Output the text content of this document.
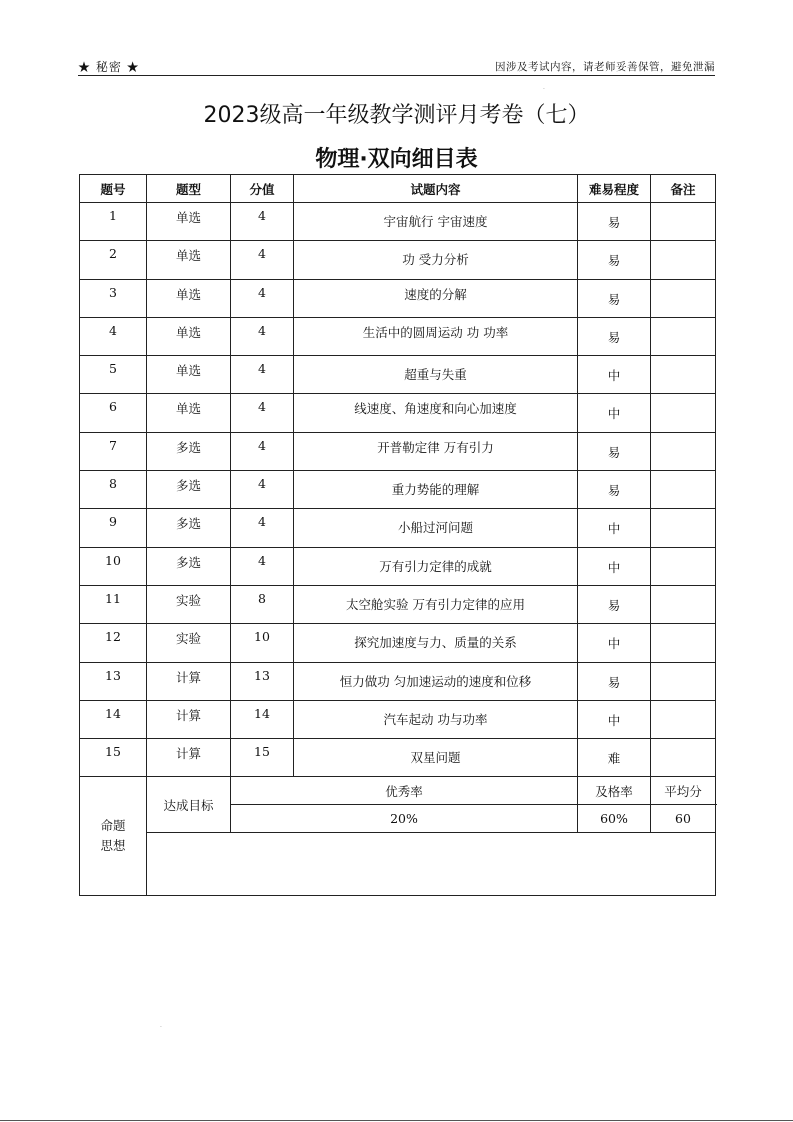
★ 秘密 ★	因涉及考试内容，请老师妥善保管，避免泄漏
·
·
2023级高一年级教学测评月考卷（七）
物理·双向细目表
题号	题型	分值	试题内容	难易程度	备注
1	单选	4	宇宙航行 宇宙速度	易	
2	单选	4	功 受力分析	易	
3	单选	4	速度的分解	易	
4	单选	4	生活中的圆周运动 功 功率	易	
5	单选	4	超重与失重	中	
6	单选	4	线速度、角速度和向心加速度	中	
7	多选	4	开普勒定律 万有引力	易	
8	多选	4	重力势能的理解	易	
9	多选	4	小船过河问题	中	
10	多选	4	万有引力定律的成就	中	
11	实验	8	太空舱实验 万有引力定律的应用	易	
12	实验	10	探究加速度与力、质量的关系	中	
13	计算	13	恒力做功 匀加速运动的速度和位移	易	
14	计算	14	汽车起动 功与功率	中	
15	计算	15	双星问题	难	

命题
思想	达成目标	优秀率		及格率	平均分
		20%		60%	60
